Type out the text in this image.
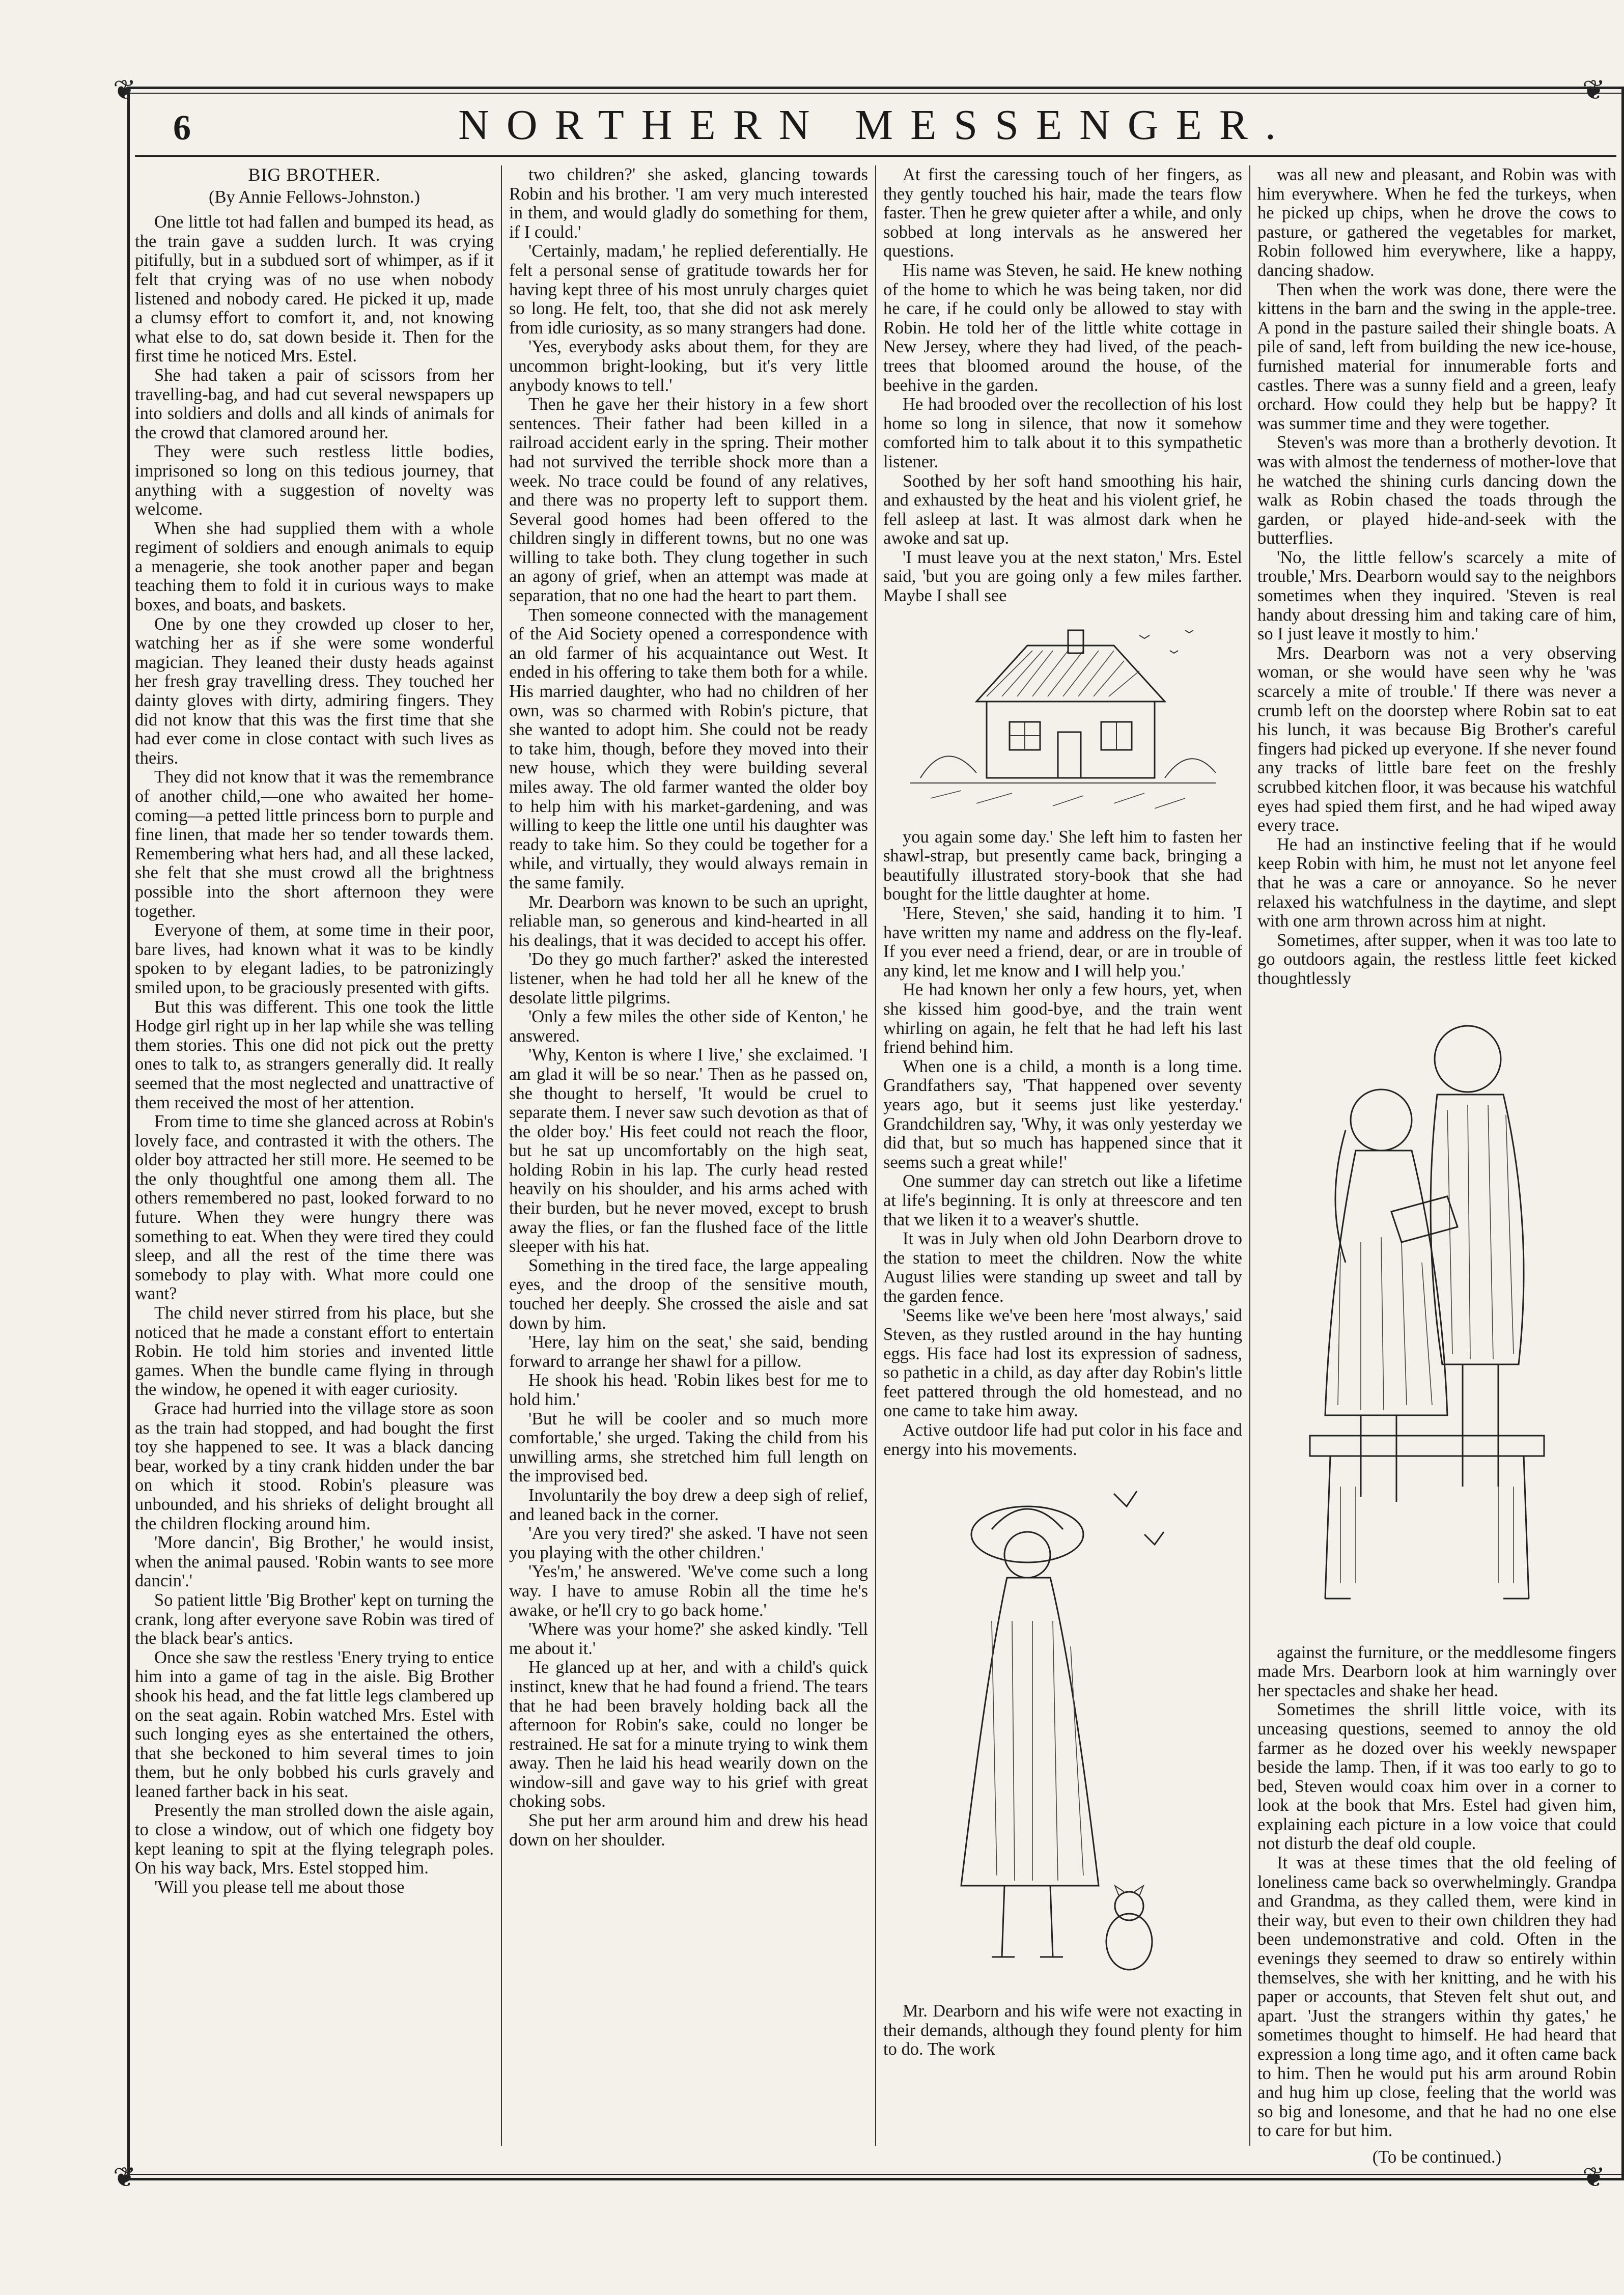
❦	❦
❦	❦
6	NORTHERN MESSENGER.
BIG BROTHER.
(By Annie Fellows-Johnston.)

One little tot had fallen and bumped its head, as the train gave a sudden lurch. It was crying pitifully, but in a subdued sort of whimper, as if it felt that crying was of no use when nobody listened and nobody cared. He picked it up, made a clumsy effort to comfort it, and, not knowing what else to do, sat down beside it. Then for the first time he noticed Mrs. Estel.

She had taken a pair of scissors from her travelling-bag, and had cut several newspapers up into soldiers and dolls and all kinds of animals for the crowd that clamored around her.

They were such restless little bodies, imprisoned so long on this tedious journey, that anything with a suggestion of novelty was welcome.

When she had supplied them with a whole regiment of soldiers and enough animals to equip a menagerie, she took another paper and began teaching them to fold it in curious ways to make boxes, and boats, and baskets.

One by one they crowded up closer to her, watching her as if she were some wonderful magician. They leaned their dusty heads against her fresh gray travelling dress. They touched her dainty gloves with dirty, admiring fingers. They did not know that this was the first time that she had ever come in close contact with such lives as theirs.

They did not know that it was the remembrance of another child,—one who awaited her home-coming—a petted little princess born to purple and fine linen, that made her so tender towards them. Remembering what hers had, and all these lacked, she felt that she must crowd all the brightness possible into the short afternoon they were together.

Everyone of them, at some time in their poor, bare lives, had known what it was to be kindly spoken to by elegant ladies, to be patronizingly smiled upon, to be graciously presented with gifts.

But this was different. This one took the little Hodge girl right up in her lap while she was telling them stories. This one did not pick out the pretty ones to talk to, as strangers generally did. It really seemed that the most neglected and unattractive of them received the most of her attention.

From time to time she glanced across at Robin's lovely face, and contrasted it with the others. The older boy attracted her still more. He seemed to be the only thoughtful one among them all. The others remembered no past, looked forward to no future. When they were hungry there was something to eat. When they were tired they could sleep, and all the rest of the time there was somebody to play with. What more could one want?

The child never stirred from his place, but she noticed that he made a constant effort to entertain Robin. He told him stories and invented little games. When the bundle came flying in through the window, he opened it with eager curiosity.

Grace had hurried into the village store as soon as the train had stopped, and had bought the first toy she happened to see. It was a black dancing bear, worked by a tiny crank hidden under the bar on which it stood. Robin's pleasure was unbounded, and his shrieks of delight brought all the children flocking around him.

'More dancin', Big Brother,' he would insist, when the animal paused. 'Robin wants to see more dancin'.'

So patient little 'Big Brother' kept on turning the crank, long after everyone save Robin was tired of the black bear's antics.

Once she saw the restless 'Enery trying to entice him into a game of tag in the aisle. Big Brother shook his head, and the fat little legs clambered up on the seat again. Robin watched Mrs. Estel with such longing eyes as she entertained the others, that she beckoned to him several times to join them, but he only bobbed his curls gravely and leaned farther back in his seat.

Presently the man strolled down the aisle again, to close a window, out of which one fidgety boy kept leaning to spit at the flying telegraph poles. On his way back, Mrs. Estel stopped him.

'Will you please tell me about those

two children?' she asked, glancing towards Robin and his brother. 'I am very much interested in them, and would gladly do something for them, if I could.'

'Certainly, madam,' he replied deferentially. He felt a personal sense of gratitude towards her for having kept three of his most unruly charges quiet so long. He felt, too, that she did not ask merely from idle curiosity, as so many strangers had done.

'Yes, everybody asks about them, for they are uncommon bright-looking, but it's very little anybody knows to tell.'

Then he gave her their history in a few short sentences. Their father had been killed in a railroad accident early in the spring. Their mother had not survived the terrible shock more than a week. No trace could be found of any relatives, and there was no property left to support them. Several good homes had been offered to the children singly in different towns, but no one was willing to take both. They clung together in such an agony of grief, when an attempt was made at separation, that no one had the heart to part them.

Then someone connected with the management of the Aid Society opened a correspondence with an old farmer of his acquaintance out West. It ended in his offering to take them both for a while. His married daughter, who had no children of her own, was so charmed with Robin's picture, that she wanted to adopt him. She could not be ready to take him, though, before they moved into their new house, which they were building several miles away. The old farmer wanted the older boy to help him with his market-gardening, and was willing to keep the little one until his daughter was ready to take him. So they could be together for a while, and virtually, they would always remain in the same family.

Mr. Dearborn was known to be such an upright, reliable man, so generous and kind-hearted in all his dealings, that it was decided to accept his offer.

'Do they go much farther?' asked the interested listener, when he had told her all he knew of the desolate little pilgrims.

'Only a few miles the other side of Kenton,' he answered.

'Why, Kenton is where I live,' she exclaimed. 'I am glad it will be so near.' Then as he passed on, she thought to herself, 'It would be cruel to separate them. I never saw such devotion as that of the older boy.' His feet could not reach the floor, but he sat up uncomfortably on the high seat, holding Robin in his lap. The curly head rested heavily on his shoulder, and his arms ached with their burden, but he never moved, except to brush away the flies, or fan the flushed face of the little sleeper with his hat.

Something in the tired face, the large appealing eyes, and the droop of the sensitive mouth, touched her deeply. She crossed the aisle and sat down by him.

'Here, lay him on the seat,' she said, bending forward to arrange her shawl for a pillow.

He shook his head. 'Robin likes best for me to hold him.'

'But he will be cooler and so much more comfortable,' she urged. Taking the child from his unwilling arms, she stretched him full length on the improvised bed.

Involuntarily the boy drew a deep sigh of relief, and leaned back in the corner.

'Are you very tired?' she asked. 'I have not seen you playing with the other children.'

'Yes'm,' he answered. 'We've come such a long way. I have to amuse Robin all the time he's awake, or he'll cry to go back home.'

'Where was your home?' she asked kindly. 'Tell me about it.'

He glanced up at her, and with a child's quick instinct, knew that he had found a friend. The tears that he had been bravely holding back all the afternoon for Robin's sake, could no longer be restrained. He sat for a minute trying to wink them away. Then he laid his head wearily down on the window-sill and gave way to his grief with great choking sobs.

She put her arm around him and drew his head down on her shoulder.

At first the caressing touch of her fingers, as they gently touched his hair, made the tears flow faster. Then he grew quieter after a while, and only sobbed at long intervals as he answered her questions.

His name was Steven, he said. He knew nothing of the home to which he was being taken, nor did he care, if he could only be allowed to stay with Robin. He told her of the little white cottage in New Jersey, where they had lived, of the peach-trees that bloomed around the house, of the beehive in the garden.

He had brooded over the recollection of his lost home so long in silence, that now it somehow comforted him to talk about it to this sympathetic listener.

Soothed by her soft hand smoothing his hair, and exhausted by the heat and his violent grief, he fell asleep at last. It was almost dark when he awoke and sat up.

'I must leave you at the next staton,' Mrs. Estel said, 'but you are going only a few miles farther. Maybe I shall see

you again some day.' She left him to fasten her shawl-strap, but presently came back, bringing a beautifully illustrated story-book that she had bought for the little daughter at home.

'Here, Steven,' she said, handing it to him. 'I have written my name and address on the fly-leaf. If you ever need a friend, dear, or are in trouble of any kind, let me know and I will help you.'

He had known her only a few hours, yet, when she kissed him good-bye, and the train went whirling on again, he felt that he had left his last friend behind him.

When one is a child, a month is a long time. Grandfathers say, 'That happened over seventy years ago, but it seems just like yesterday.' Grandchildren say, 'Why, it was only yesterday we did that, but so much has happened since that it seems such a great while!'

One summer day can stretch out like a lifetime at life's beginning. It is only at threescore and ten that we liken it to a weaver's shuttle.

It was in July when old John Dearborn drove to the station to meet the children. Now the white August lilies were standing up sweet and tall by the garden fence.

'Seems like we've been here 'most always,' said Steven, as they rustled around in the hay hunting eggs. His face had lost its expression of sadness, so pathetic in a child, as day after day Robin's little feet pattered through the old homestead, and no one came to take him away.

Active outdoor life had put color in his face and energy into his movements.

Mr. Dearborn and his wife were not exacting in their demands, although they found plenty for him to do. The work

was all new and pleasant, and Robin was with him everywhere. When he fed the turkeys, when he picked up chips, when he drove the cows to pasture, or gathered the vegetables for market, Robin followed him everywhere, like a happy, dancing shadow.

Then when the work was done, there were the kittens in the barn and the swing in the apple-tree. A pond in the pasture sailed their shingle boats. A pile of sand, left from building the new ice-house, furnished material for innumerable forts and castles. There was a sunny field and a green, leafy orchard. How could they help but be happy? It was summer time and they were together.

Steven's was more than a brotherly devotion. It was with almost the tenderness of mother-love that he watched the shining curls dancing down the walk as Robin chased the toads through the garden, or played hide-and-seek with the butterflies.

'No, the little fellow's scarcely a mite of trouble,' Mrs. Dearborn would say to the neighbors sometimes when they inquired. 'Steven is real handy about dressing him and taking care of him, so I just leave it mostly to him.'

Mrs. Dearborn was not a very observing woman, or she would have seen why he 'was scarcely a mite of trouble.' If there was never a crumb left on the doorstep where Robin sat to eat his lunch, it was because Big Brother's careful fingers had picked up everyone. If she never found any tracks of little bare feet on the freshly scrubbed kitchen floor, it was because his watchful eyes had spied them first, and he had wiped away every trace.

He had an instinctive feeling that if he would keep Robin with him, he must not let anyone feel that he was a care or annoyance. So he never relaxed his watchfulness in the daytime, and slept with one arm thrown across him at night.

Sometimes, after supper, when it was too late to go outdoors again, the restless little feet kicked thoughtlessly

against the furniture, or the meddlesome fingers made Mrs. Dearborn look at him warningly over her spectacles and shake her head.

Sometimes the shrill little voice, with its unceasing questions, seemed to annoy the old farmer as he dozed over his weekly newspaper beside the lamp. Then, if it was too early to go to bed, Steven would coax him over in a corner to look at the book that Mrs. Estel had given him, explaining each picture in a low voice that could not disturb the deaf old couple.

It was at these times that the old feeling of loneliness came back so overwhelmingly. Grandpa and Grandma, as they called them, were kind in their way, but even to their own children they had been undemonstrative and cold. Often in the evenings they seemed to draw so entirely within themselves, she with her knitting, and he with his paper or accounts, that Steven felt shut out, and apart. 'Just the strangers within thy gates,' he sometimes thought to himself. He had heard that expression a long time ago, and it often came back to him. Then he would put his arm around Robin and hug him up close, feeling that the world was so big and lonesome, and that he had no one else to care for but him.

(To be continued.)
